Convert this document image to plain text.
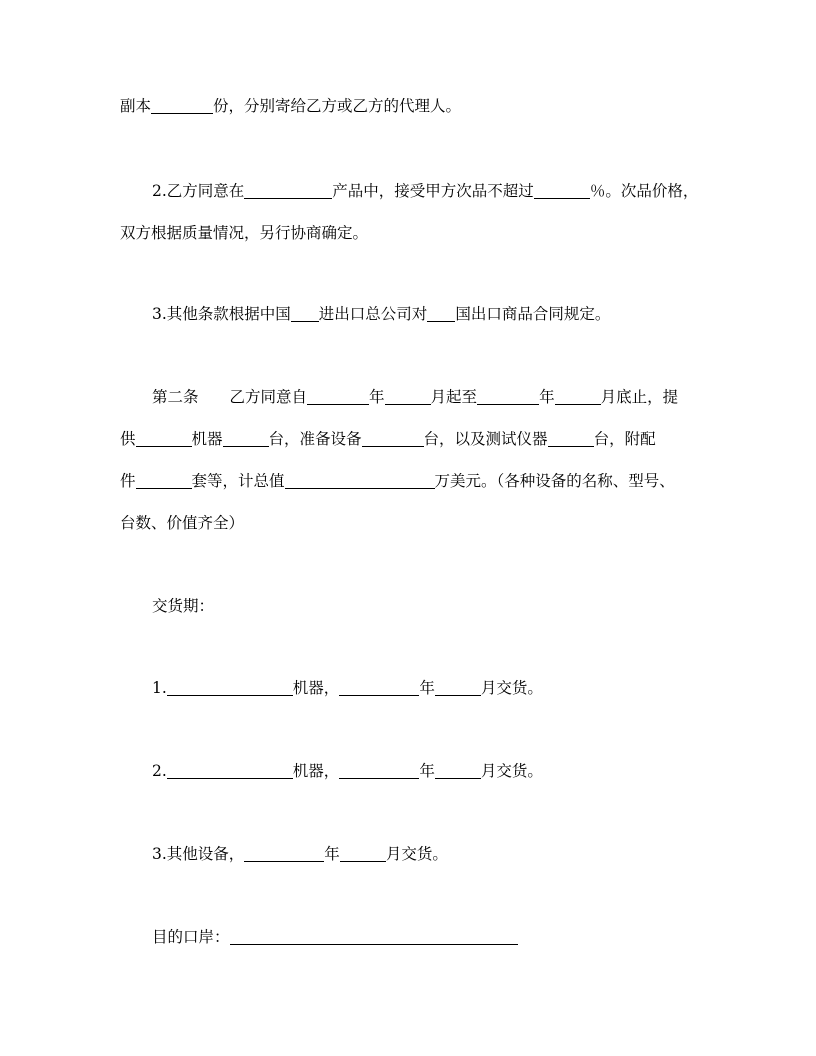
副本	份，分别寄给乙方或乙方的代理人。
2.乙方同意在	产品中，接受甲方次品不超过	％。次品价格，
双方根据质量情况，另行协商确定。
3.其他条款根据中国 进出口总公司对 国出口商品合同规定。
第二条 乙方同意自	年	月起至	年	月底止，提
供	机器	台，准备设备	台，以及测试仪器	台，附配
件	套等，计总值	万美元。（各种设备的名称、型号、
台数、价值齐全）
交货期：
1.	机器，	年	月交货。
2.	机器，	年	月交货。
3.其他设备，	年	月交货。
目的口岸：
